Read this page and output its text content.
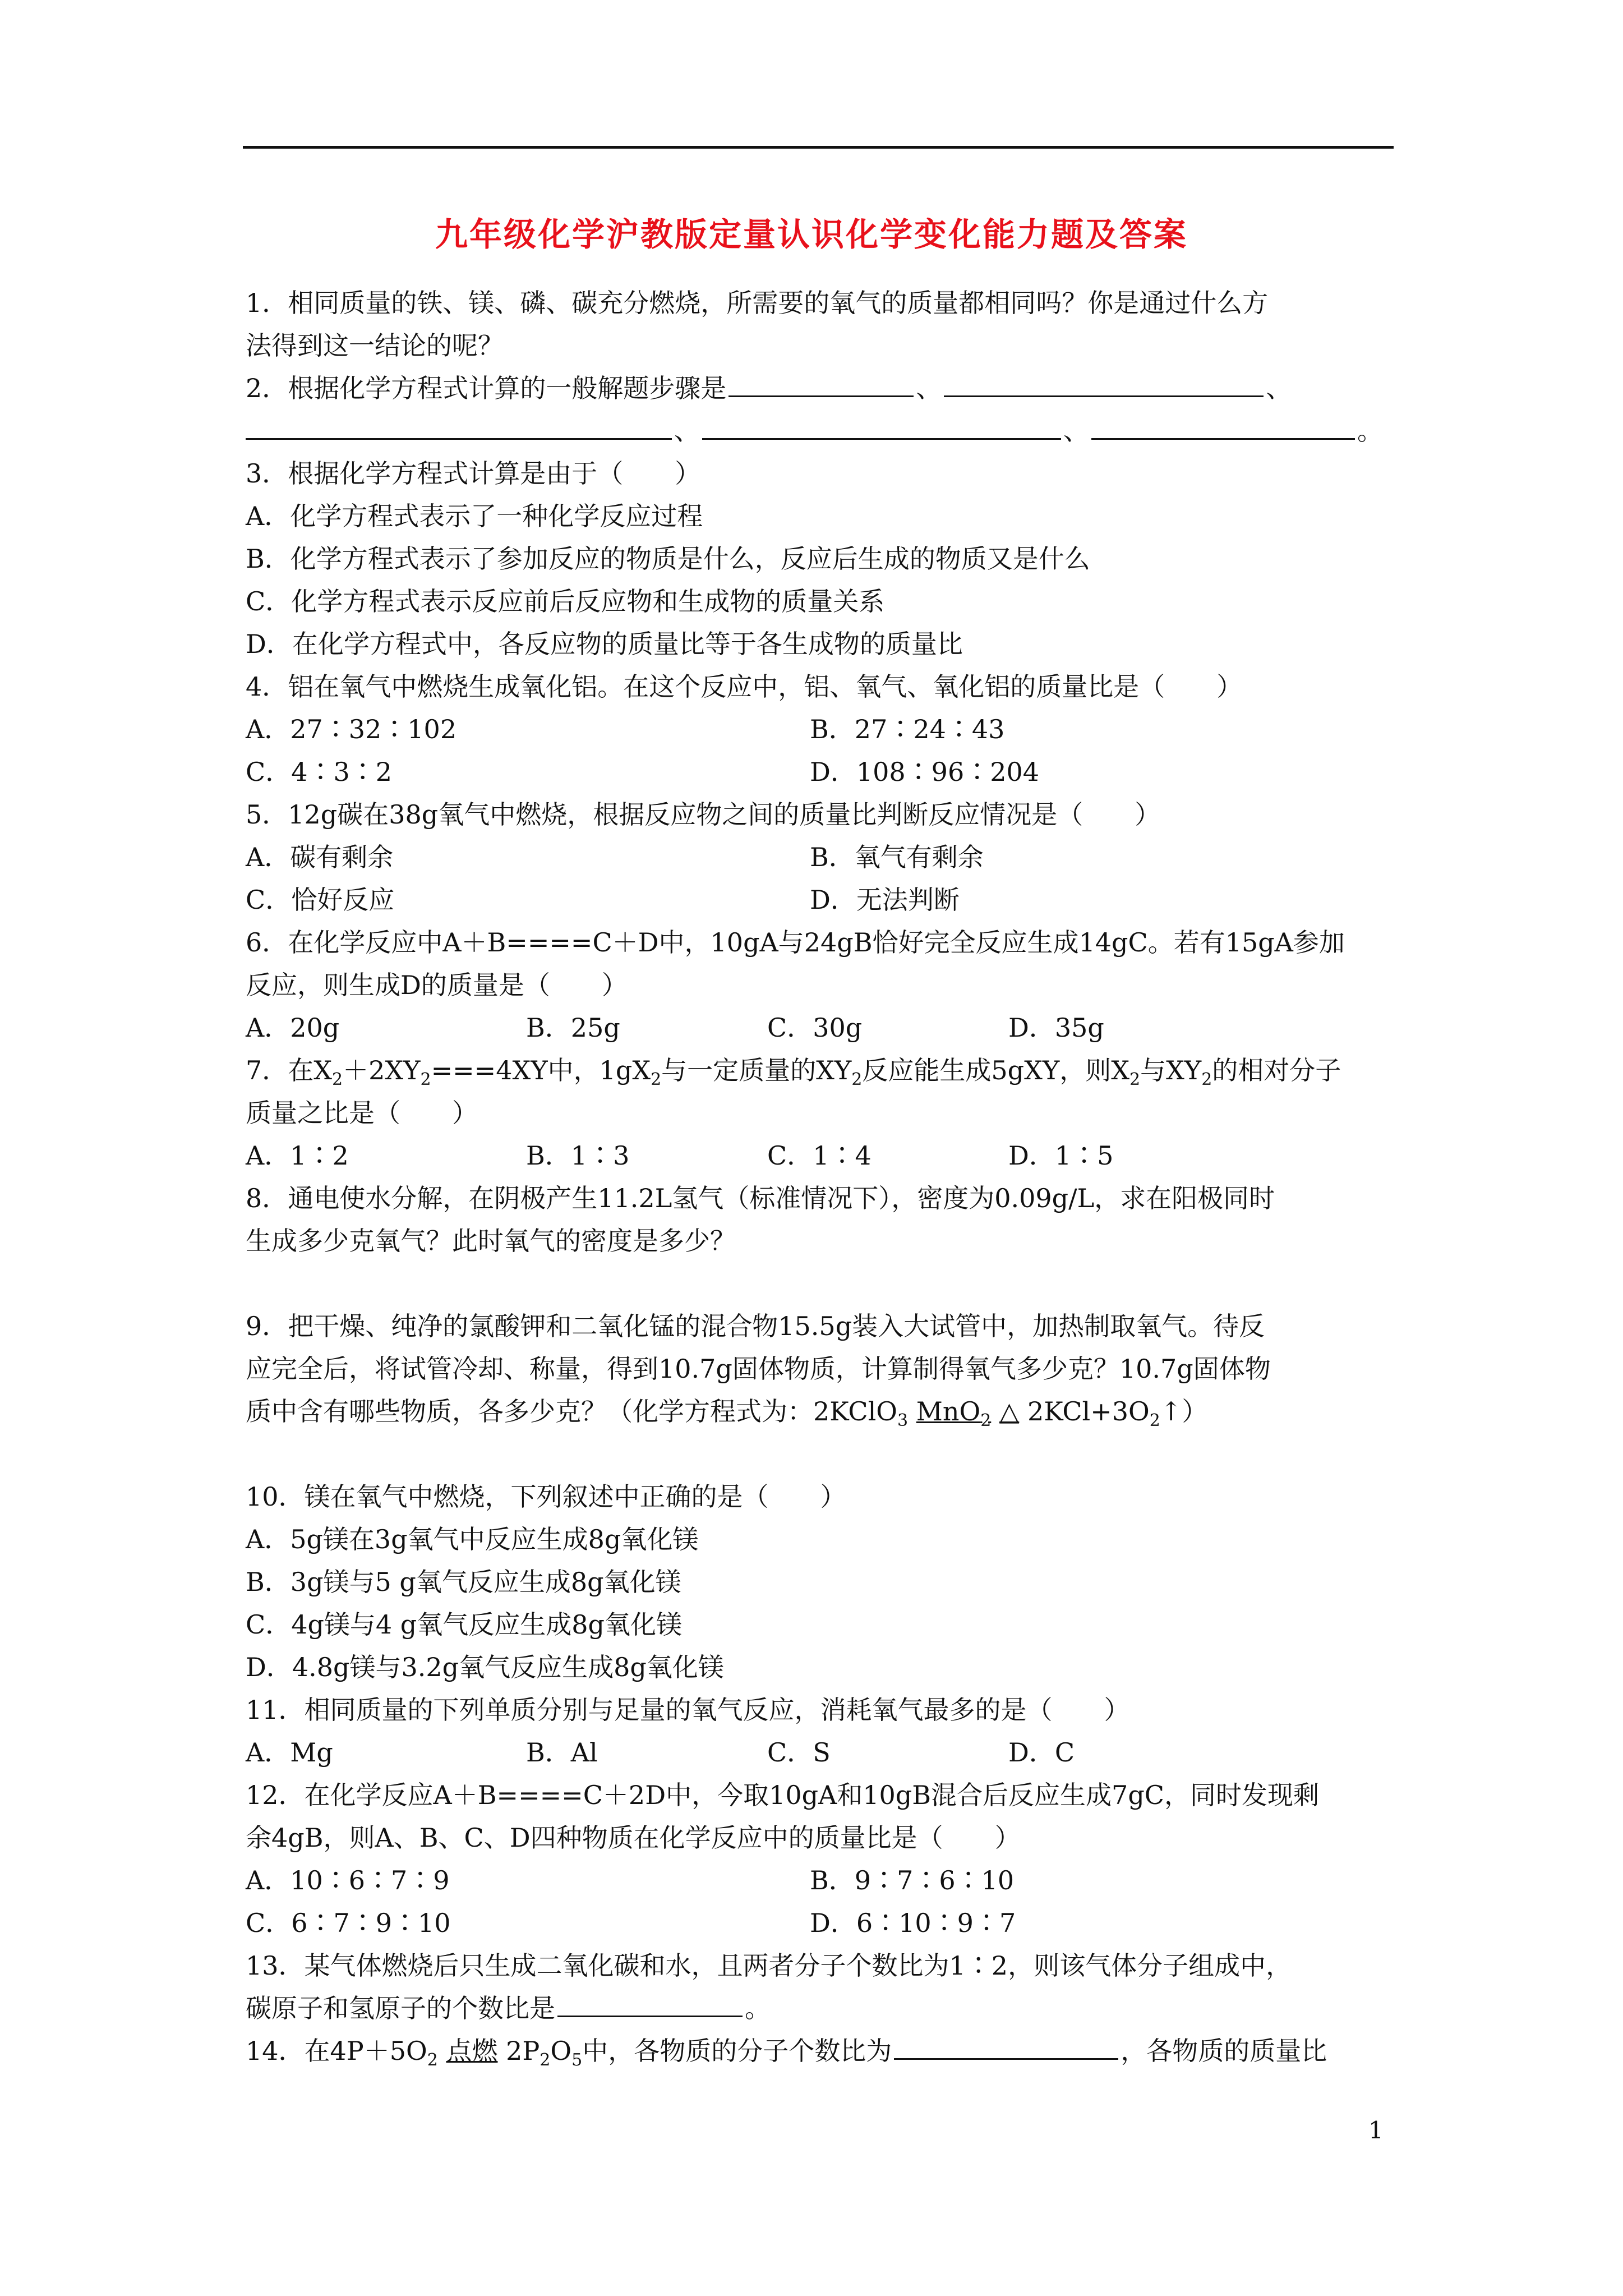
九年级化学沪教版定量认识化学变化能力题及答案
1．相同质量的铁、镁、磷、碳充分燃烧，所需要的氧气的质量都相同吗？你是通过什么方
法得到这一结论的呢？
2．根据化学方程式计算的一般解题步骤是	、	、
、	、	。
3．根据化学方程式计算是由于（　　）
A．化学方程式表示了一种化学反应过程
B．化学方程式表示了参加反应的物质是什么，反应后生成的物质又是什么
C．化学方程式表示反应前后反应物和生成物的质量关系
D．在化学方程式中，各反应物的质量比等于各生成物的质量比
4．铝在氧气中燃烧生成氧化铝。在这个反应中，铝、氧气、氧化铝的质量比是（　　）
A．27∶32∶102	B．27∶24∶43
C．4∶3∶2	D．108∶96∶204
5．12g碳在38g氧气中燃烧，根据反应物之间的质量比判断反应情况是（　　）
A．碳有剩余	B．氧气有剩余
C．恰好反应	D．无法判断
6．在化学反应中A＋B====C＋D中，10gA与24gB恰好完全反应生成14gC。若有15gA参加
反应，则生成D的质量是（　　）
A．20g	B．25g	C．30g	D．35g
7．在$X_2+2XY_2===4XY$中，$1gX_2$与一定质量的$XY_2$反应能生成5gXY，则$X_2$与$XY_2$的相对分子
质量之比是（　　）
A．1∶2	B．1∶3	C．1∶4	D．1∶5
8．通电使水分解，在阴极产生11.2L氢气（标准情况下），密度为0.09g/L，求在阳极同时
生成多少克氧气？此时氧气的密度是多少？
9．把干燥、纯净的氯酸钾和二氧化锰的混合物15.5g装入大试管中，加热制取氧气。待反
应完全后，将试管冷却、称量，得到10.7g固体物质，计算制得氧气多少克？10.7g固体物
质中含有哪些物质，各多少克？（化学方程式为：2KClO$_3$ MnO$_2$ △ $2KCl+3O_2↑$）
10．镁在氧气中燃烧，下列叙述中正确的是（　　）
A．5g镁在3g氧气中反应生成8g氧化镁
B．3g镁与5 g氧气反应生成8g氧化镁
C．4g镁与4 g氧气反应生成8g氧化镁
D．4.8g镁与3.2g氧气反应生成8g氧化镁
11．相同质量的下列单质分别与足量的氧气反应，消耗氧气最多的是（　　）
A．Mg	B．Al	C．S	D．C
12．在化学反应A＋B====C＋2D中，今取10gA和10gB混合后反应生成7gC，同时发现剩
余4gB，则A、B、C、D四种物质在化学反应中的质量比是（　　）
A．10∶6∶7∶9	B．9∶7∶6∶10
C．6∶7∶9∶10	D．6∶10∶9∶7
13．某气体燃烧后只生成二氧化碳和水，且两者分子个数比为1∶2，则该气体分子组成中，
碳原子和氢原子的个数比是	。
14．在$4P+5O_2$ 点燃 $2P_2O_5$中，各物质的分子个数比为	，各物质的质量比
1
